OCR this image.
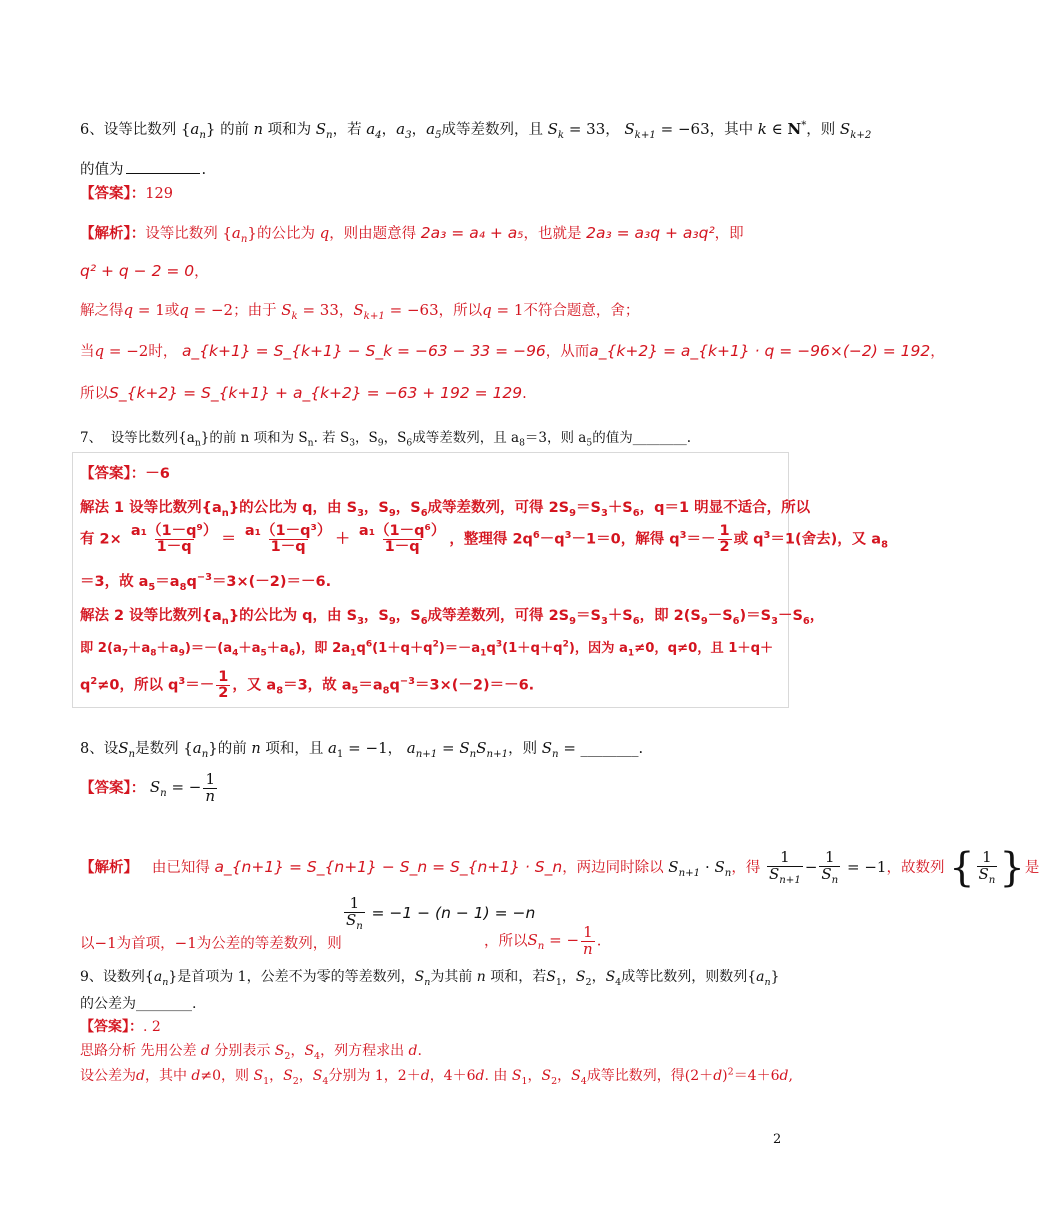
6、设等比数列 $\{a_n\}$ 的前 n 项和为 $S_n$，若 $a_4$，$a_3$，$a_5$成等差数列，且 $S_k = 33$， $S_{k+1} = -63$，其中 k ∈ N*，则 $S_{k+2}$
的值为	.
【答案】：129
【解析】：设等比数列 $\{a_n\}$的公比为 q，则由题意得 2a₃ = a₄ + a₅，也就是 2a₃ = a₃q + a₃q²，即
q² + q − 2 = 0，
解之得q = 1或q = −2；由于 $S_k = 33$，$S_{k+1} = -63$，所以q = 1不符合题意，舍；
当q = −2时， a_{k+1} = S_{k+1} − S_k = −63 − 33 = −96，从而a_{k+2} = a_{k+1} · q = −96×(−2) = 192，
所以S_{k+2} = S_{k+1} + a_{k+2} = −63 + 192 = 129.
7、 设等比数列$\{a_n\}$的前 n 项和为 $S_n$. 若 $S_3$，$S_9$，$S_6$成等差数列，且 $a_8=3$，则 $a_5$的值为________.
【答案】：－6
解法 1 设等比数列$\{a_n\}$的公比为 q，由 $S_3$，$S_9$，$S_6$成等差数列，可得 $2S_9=S_3+S_6$，q＝1 明显不适合，所以
有 $2\times \frac{\text{a₁（1－q⁹）}}{1-q} = \frac{\text{a₁（1－q³）}}{1-q} + \frac{\text{a₁（1－q⁶）}}{1-q}$ ，整理得 $2q^6-q^3-1=0$，解得 $q^3=- \frac{1}{2}$ 或 $q^3=1$(舍去)，又 $a_8$
＝3，故 $a_5=a_8q^{-3}=3\times(-2)=-6$.
解法 2 设等比数列$\{a_n\}$的公比为 q，由 $S_3$，$S_9$，$S_6$成等差数列，可得 $2S_9=S_3+S_6$，即 $2(S_9-S_6)=S_3-S_6$，
即 $2(a_7+a_8+a_9)=-(a_4+a_5+a_6)$，即 $2a_1q^6(1+q+q^2)=-a_1q^3(1+q+q^2)$，因为 $a_1\ne 0$，q≠0，且 1＋q＋
$q^2\ne 0$，所以 $q^3=- \frac{1}{2}$ ，又 $a_8=3$，故 $a_5=a_8q^{-3}=3\times(-2)=-6$.
8、设$S_n$是数列 $\{a_n\}$的前 n 项和，且 $a_1 = -1$， $a_{n+1} = S_nS_{n+1}$，则 $S_n$ = ________.
【答案】： $S_n$ = − $\frac{1}{n}$
【解析】 由已知得 a_{n+1} = S_{n+1} − S_n = S_{n+1} · S_n，两边同时除以 $S_{n+1} \cdot S_n$，得 $\frac{1}{S_{n+1}} - \frac{1}{S_n} = -1$，故数列 { $\frac{1}{S_n}$ }是
$\frac{1}{S_n} = -1 - (n - 1) = -n$
以−1为首项，−1为公差的等差数列，则	，所以$S_n$ = − $\frac{1}{n}$ .
9、设数列$\{a_n\}$是首项为 1，公差不为零的等差数列，$S_n$为其前 n 项和，若$S_1$，$S_2$，$S_4$成等比数列，则数列$\{a_n\}$
的公差为________.
【答案】：. 2
思路分析 先用公差 d 分别表示 $S_2$，$S_4$，列方程求出 d.
设公差为d，其中 d≠0，则 $S_1$，$S_2$，$S_4$分别为 1，2＋d，4＋6d. 由 $S_1$，$S_2$，$S_4$成等比数列，得$(2+d)^2=4+6d$,
2
